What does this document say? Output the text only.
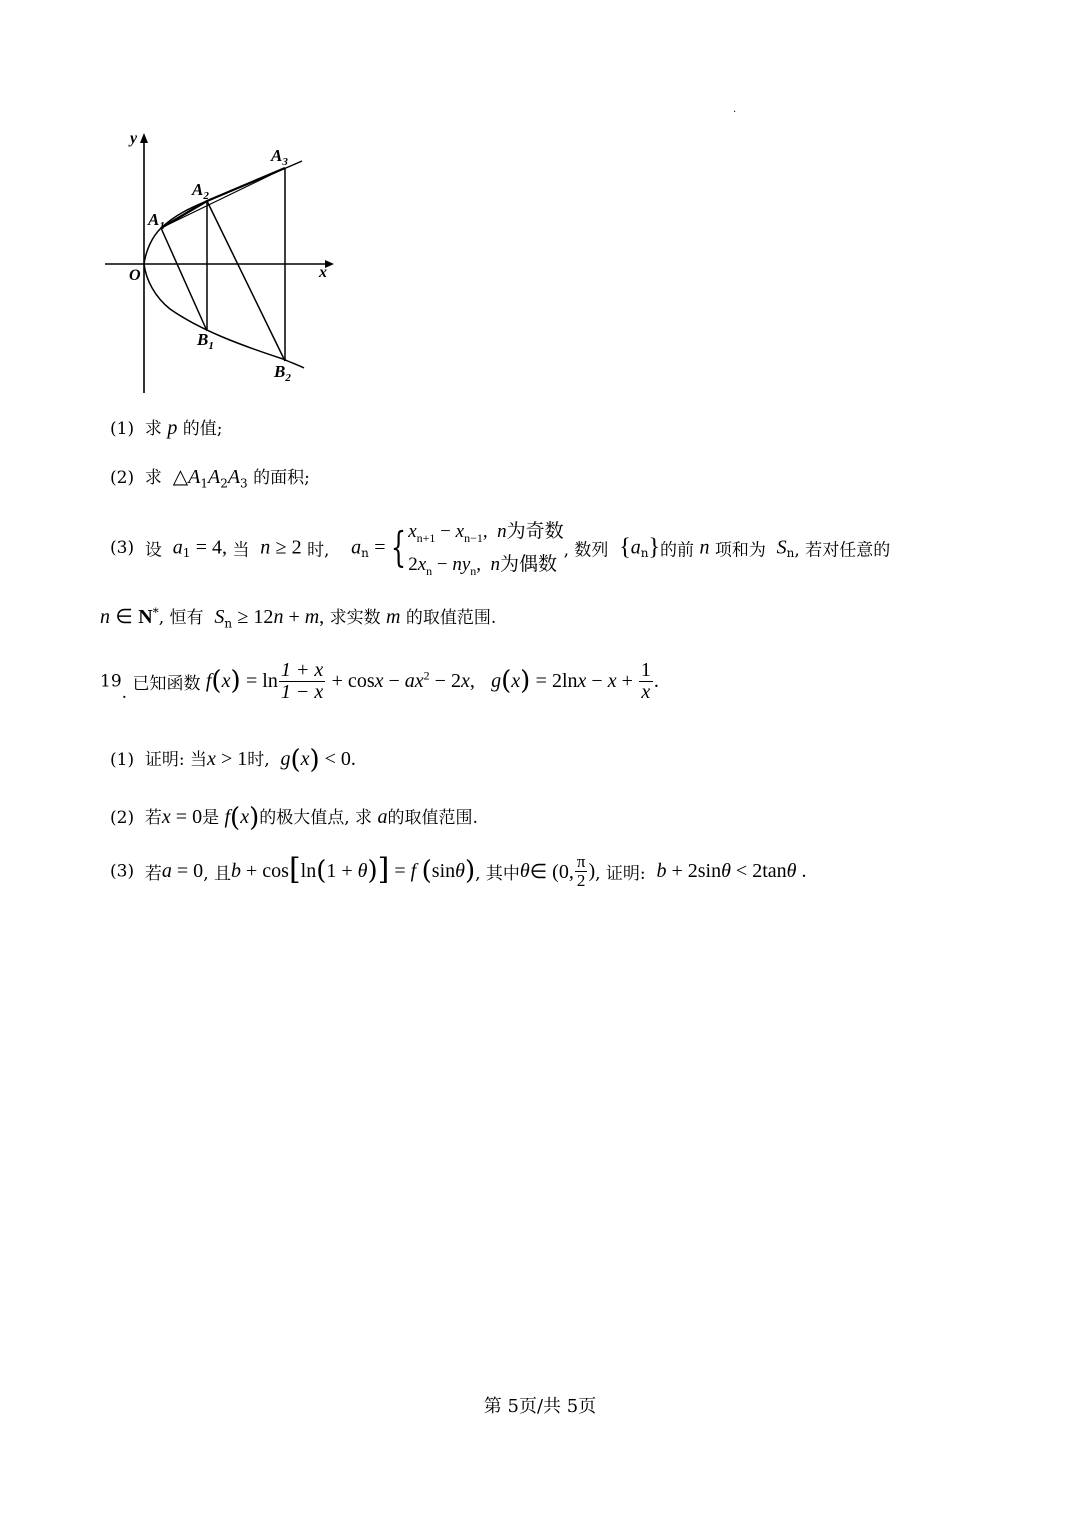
.
y
x
O
$A_1$
$A_2$
$A_3$
$B_1$
$B_2$
(1) 求 p 的值;
(2) 求 $\triangle A_1A_2A_3$ 的面积;
(3) 设 $a_1 = 4$, 当 n ≥ 2 时, $a_n$ = { $x_{n+1} - x_{n-1}$, n为奇数
$2x_n - ny_n$, n为偶数
, 数列 $\{a_n\}$的前 n 项和为 $S_n$, 若对任意的
n ∈ N*, 恒有 $S_n \ge 12n + m$, 求实数 m 的取值范围.
19. 已知函数 $f(x) = \ln \frac{1 + x}{1 - x} + \cos x - ax^2 - 2x$, $g(x) = 2\ln x - x + \frac{1}{x}$ .
(1) 证明: 当x > 1时, g(x) < 0.
(2) 若x = 0是 f(x)的极大值点, 求 a的取值范围.
(3) 若a = 0, 且b + cos[ln(1 + θ)] = f (sinθ), 其中θ∈ (0, $\frac{\pi}{2}$ ), 证明: b + 2sinθ < 2tanθ .
第 5页/共 5页
